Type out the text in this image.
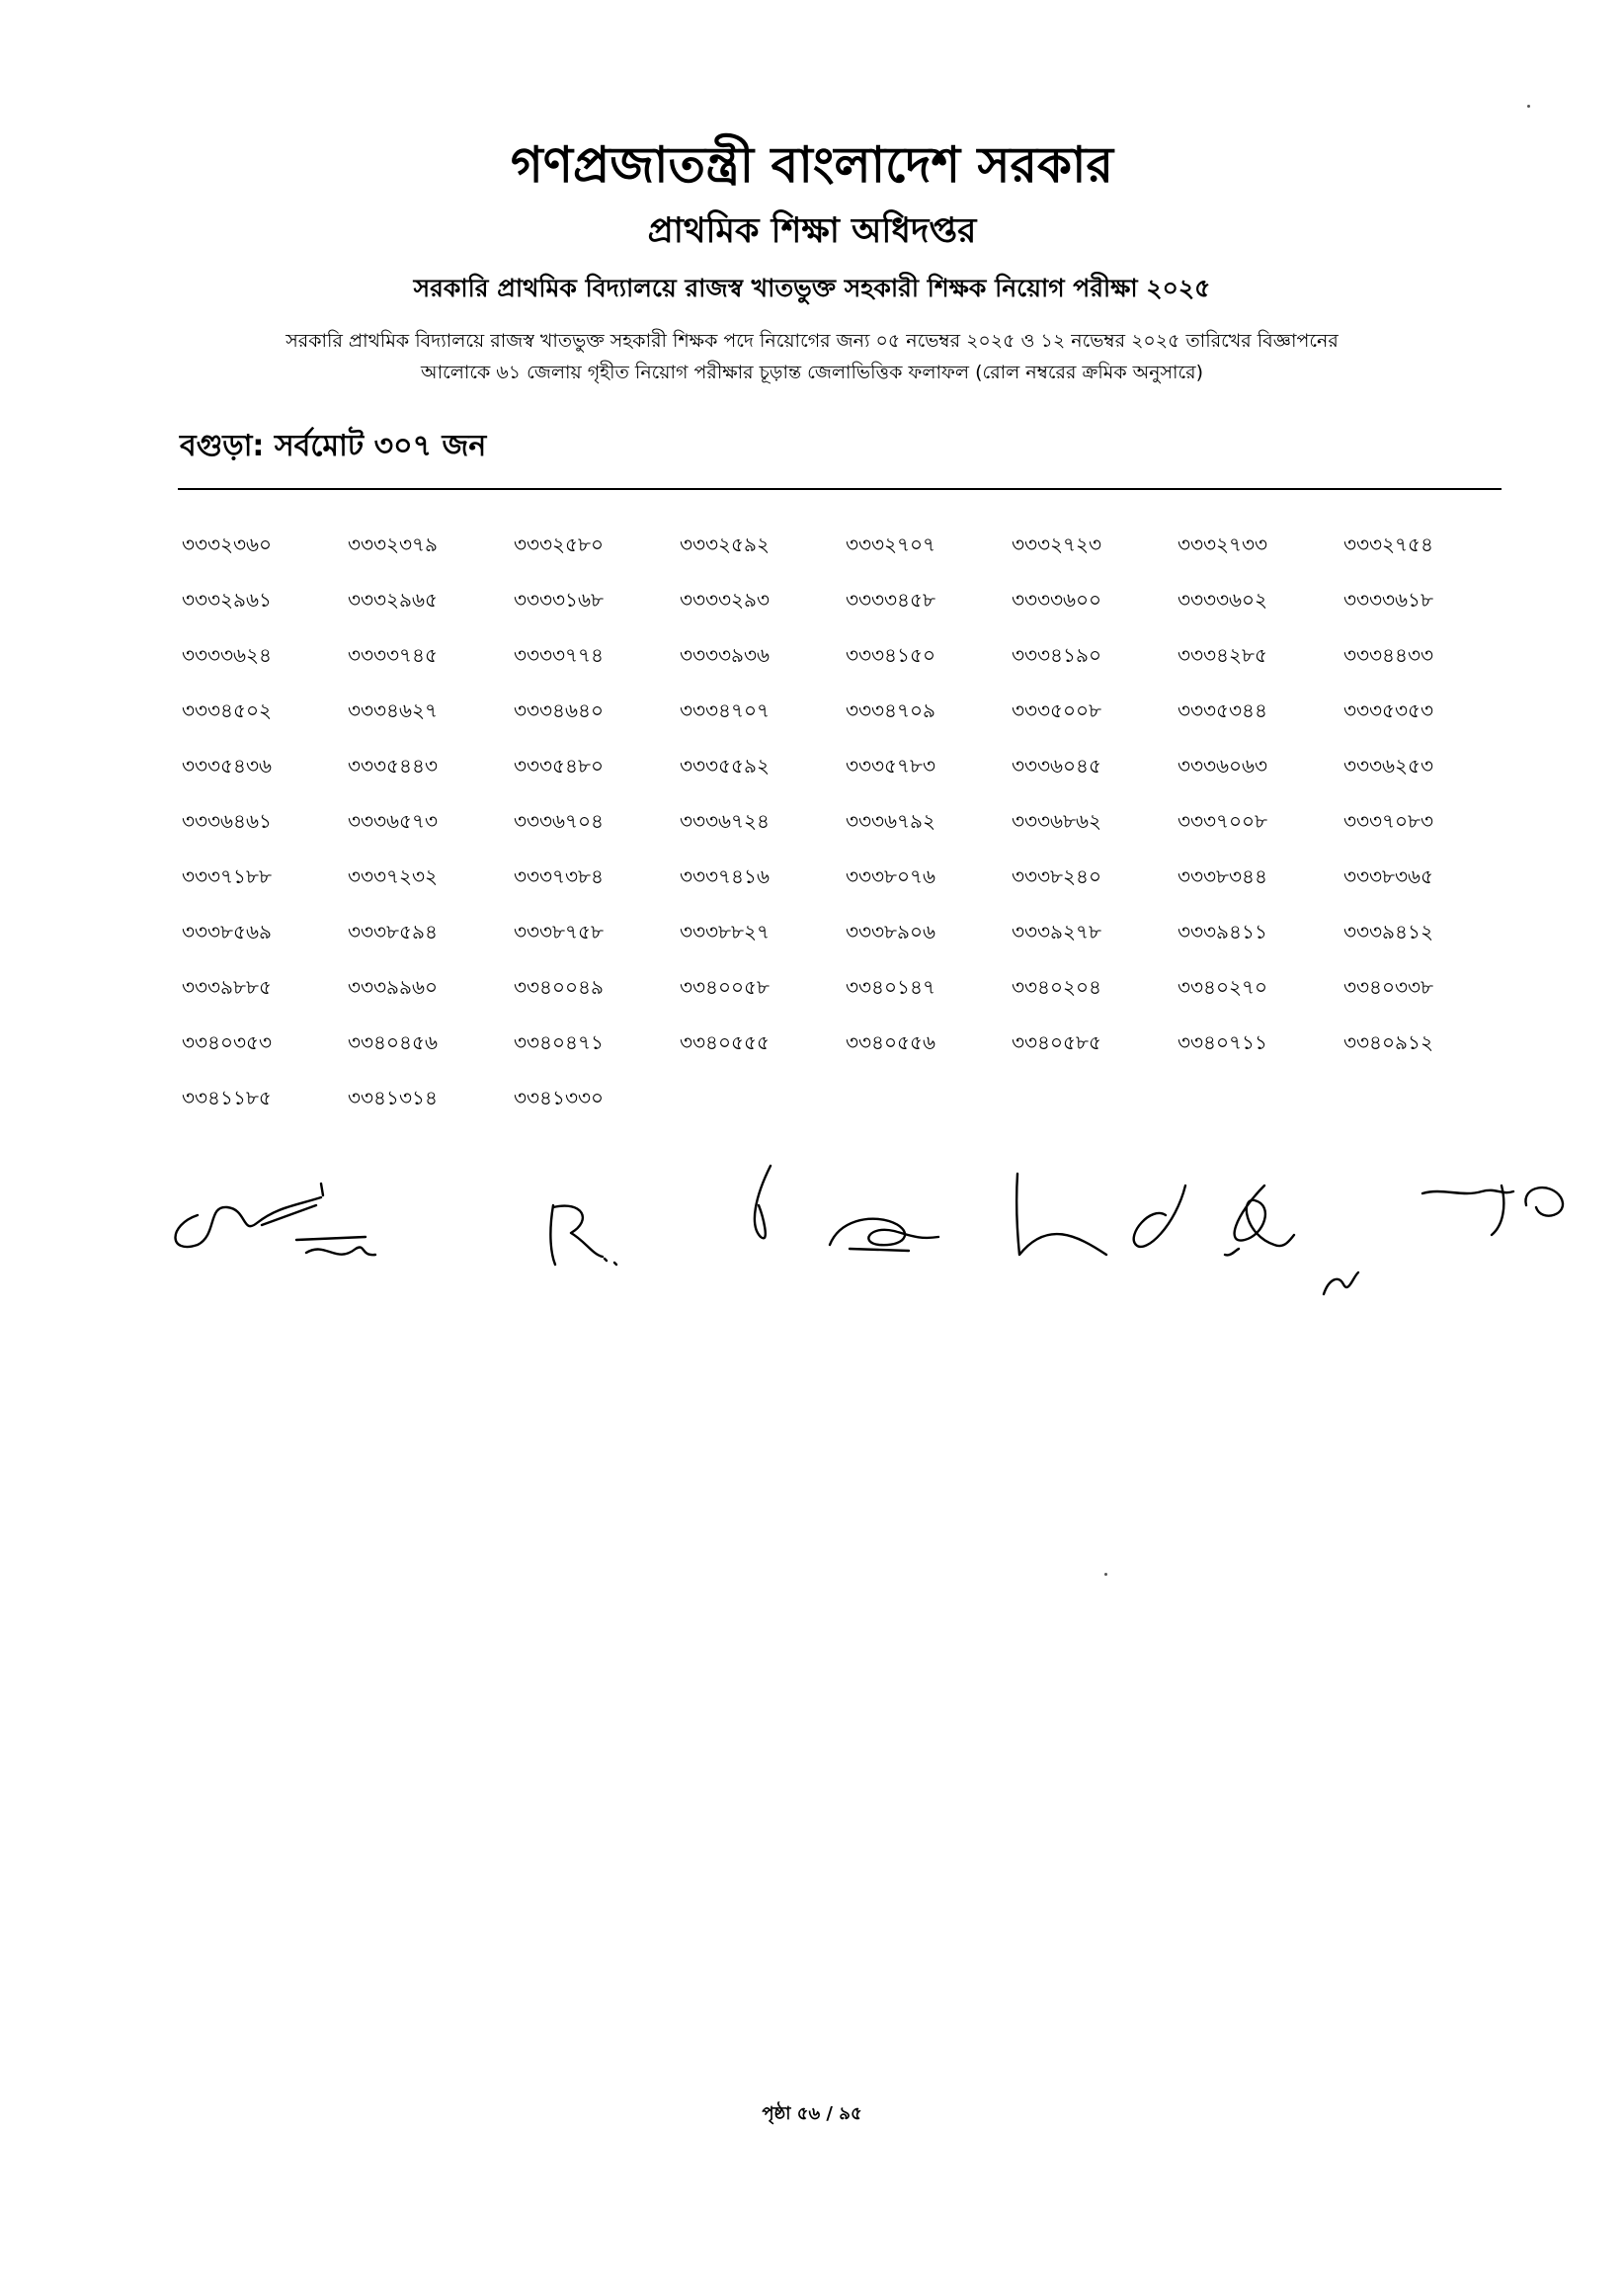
গণপ্রজাতন্ত্রী বাংলাদেশ সরকার
প্রাথমিক শিক্ষা অধিদপ্তর
সরকারি প্রাথমিক বিদ্যালয়ে রাজস্ব খাতভুক্ত সহকারী শিক্ষক নিয়োগ পরীক্ষা ২০২৫
সরকারি প্রাথমিক বিদ্যালয়ে রাজস্ব খাতভুক্ত সহকারী শিক্ষক পদে নিয়োগের জন্য ০৫ নভেম্বর ২০২৫ ও ১২ নভেম্বর ২০২৫ তারিখের বিজ্ঞাপনের
আলোকে ৬১ জেলায় গৃহীত নিয়োগ পরীক্ষার চূড়ান্ত জেলাভিত্তিক ফলাফল (রোল নম্বরের ক্রমিক অনুসারে)
বগুড়া: সর্বমোট ৩০৭ জন
৩৩৩২৩৬০	৩৩৩২৩৭৯	৩৩৩২৫৮০	৩৩৩২৫৯২	৩৩৩২৭০৭	৩৩৩২৭২৩	৩৩৩২৭৩৩	৩৩৩২৭৫৪
৩৩৩২৯৬১	৩৩৩২৯৬৫	৩৩৩৩১৬৮	৩৩৩৩২৯৩	৩৩৩৩৪৫৮	৩৩৩৩৬০০	৩৩৩৩৬০২	৩৩৩৩৬১৮
৩৩৩৩৬২৪	৩৩৩৩৭৪৫	৩৩৩৩৭৭৪	৩৩৩৩৯৩৬	৩৩৩৪১৫০	৩৩৩৪১৯০	৩৩৩৪২৮৫	৩৩৩৪৪৩৩
৩৩৩৪৫০২	৩৩৩৪৬২৭	৩৩৩৪৬৪০	৩৩৩৪৭০৭	৩৩৩৪৭০৯	৩৩৩৫০০৮	৩৩৩৫৩৪৪	৩৩৩৫৩৫৩
৩৩৩৫৪৩৬	৩৩৩৫৪৪৩	৩৩৩৫৪৮০	৩৩৩৫৫৯২	৩৩৩৫৭৮৩	৩৩৩৬০৪৫	৩৩৩৬০৬৩	৩৩৩৬২৫৩
৩৩৩৬৪৬১	৩৩৩৬৫৭৩	৩৩৩৬৭০৪	৩৩৩৬৭২৪	৩৩৩৬৭৯২	৩৩৩৬৮৬২	৩৩৩৭০০৮	৩৩৩৭০৮৩
৩৩৩৭১৮৮	৩৩৩৭২৩২	৩৩৩৭৩৮৪	৩৩৩৭৪১৬	৩৩৩৮০৭৬	৩৩৩৮২৪০	৩৩৩৮৩৪৪	৩৩৩৮৩৬৫
৩৩৩৮৫৬৯	৩৩৩৮৫৯৪	৩৩৩৮৭৫৮	৩৩৩৮৮২৭	৩৩৩৮৯০৬	৩৩৩৯২৭৮	৩৩৩৯৪১১	৩৩৩৯৪১২
৩৩৩৯৮৮৫	৩৩৩৯৯৬০	৩৩৪০০৪৯	৩৩৪০০৫৮	৩৩৪০১৪৭	৩৩৪০২০৪	৩৩৪০২৭০	৩৩৪০৩৩৮
৩৩৪০৩৫৩	৩৩৪০৪৫৬	৩৩৪০৪৭১	৩৩৪০৫৫৫	৩৩৪০৫৫৬	৩৩৪০৫৮৫	৩৩৪০৭১১	৩৩৪০৯১২
৩৩৪১১৮৫	৩৩৪১৩১৪	৩৩৪১৩৩০
পৃষ্ঠা ৫৬ / ৯৫
